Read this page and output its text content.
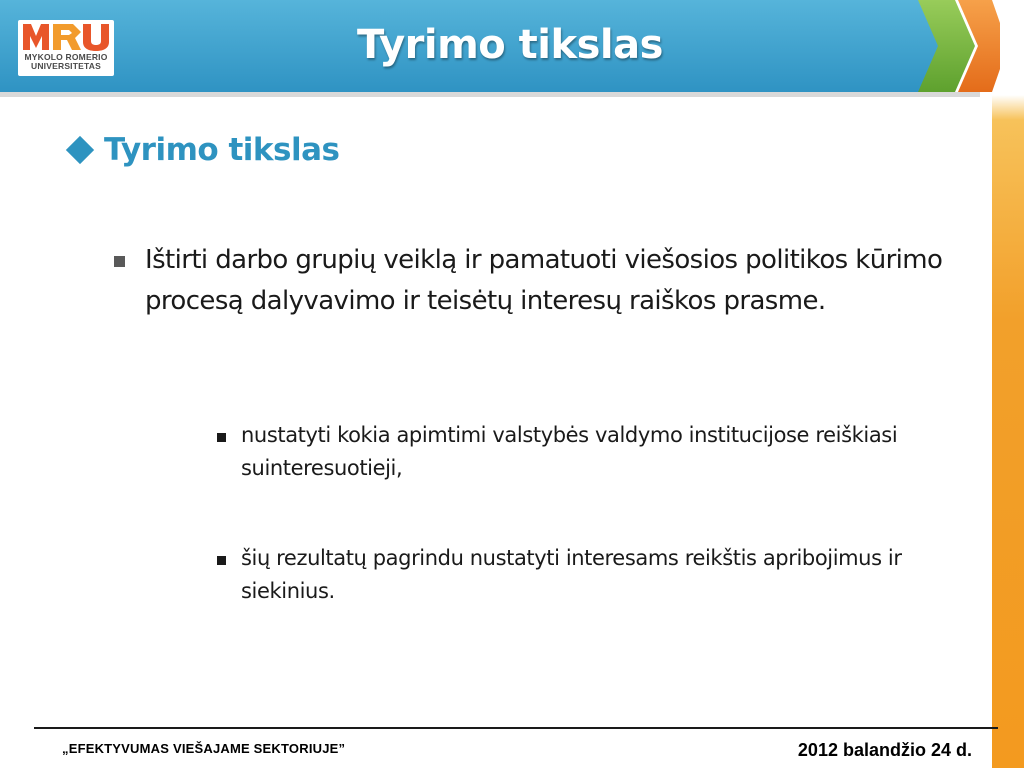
MYKOLO ROMERIO
UNIVERSITETAS	Tyrimo tikslas
Tyrimo tikslas
Ištirti darbo grupių veiklą ir pamatuoti viešosios politikos kūrimo procesą dalyvavimo ir teisėtų interesų raiškos prasme.
nustatyti kokia apimtimi valstybės valdymo institucijose reiškiasi suinteresuotieji,
šių rezultatų pagrindu nustatyti interesams reikštis apribojimus ir siekinius.
„EFEKTYVUMAS VIEŠAJAME SEKTORIUJE”	2012 balandžio 24 d.
